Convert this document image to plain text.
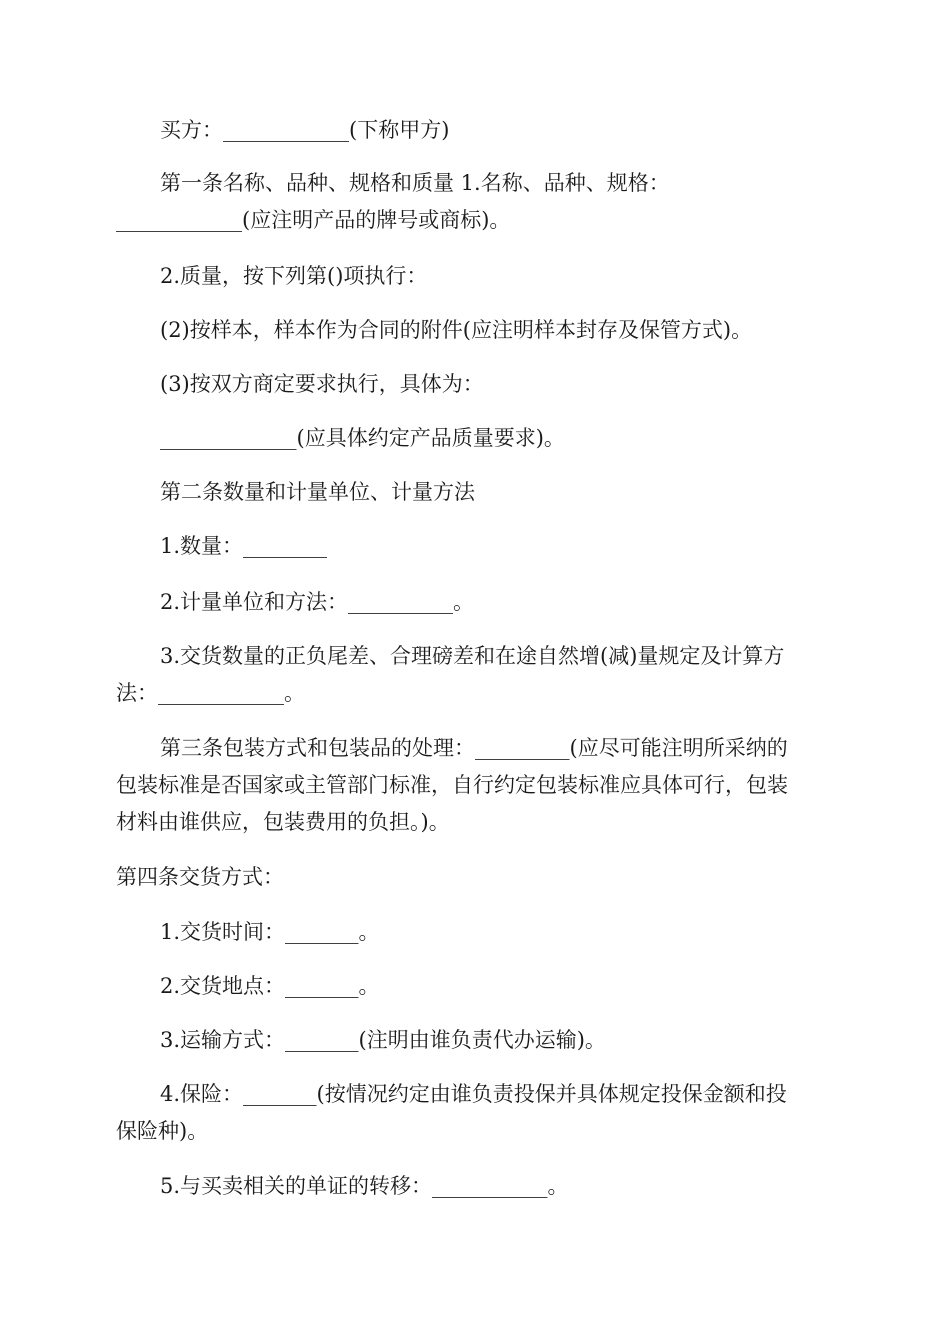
买方：____________(下称甲方)

第一条名称、品种、规格和质量 1.名称、品种、规格：
____________(应注明产品的牌号或商标)。

2.质量，按下列第()项执行：

(2)按样本，样本作为合同的附件(应注明样本封存及保管方式)。

(3)按双方商定要求执行，具体为：

_____________(应具体约定产品质量要求)。

第二条数量和计量单位、计量方法

1.数量：________

2.计量单位和方法：__________。

3.交货数量的正负尾差、合理磅差和在途自然增(减)量规定及计算方
法：____________。
第三条包装方式和包装品的处理：_________(应尽可能注明所采纳的
包装标准是否国家或主管部门标准，自行约定包装标准应具体可行，包装
材料由谁供应，包装费用的负担。)。

第四条交货方式：

1.交货时间：_______。

2.交货地点：_______。

3.运输方式：_______(注明由谁负责代办运输)。

4.保险：_______(按情况约定由谁负责投保并具体规定投保金额和投
保险种)。

5.与买卖相关的单证的转移：___________。
